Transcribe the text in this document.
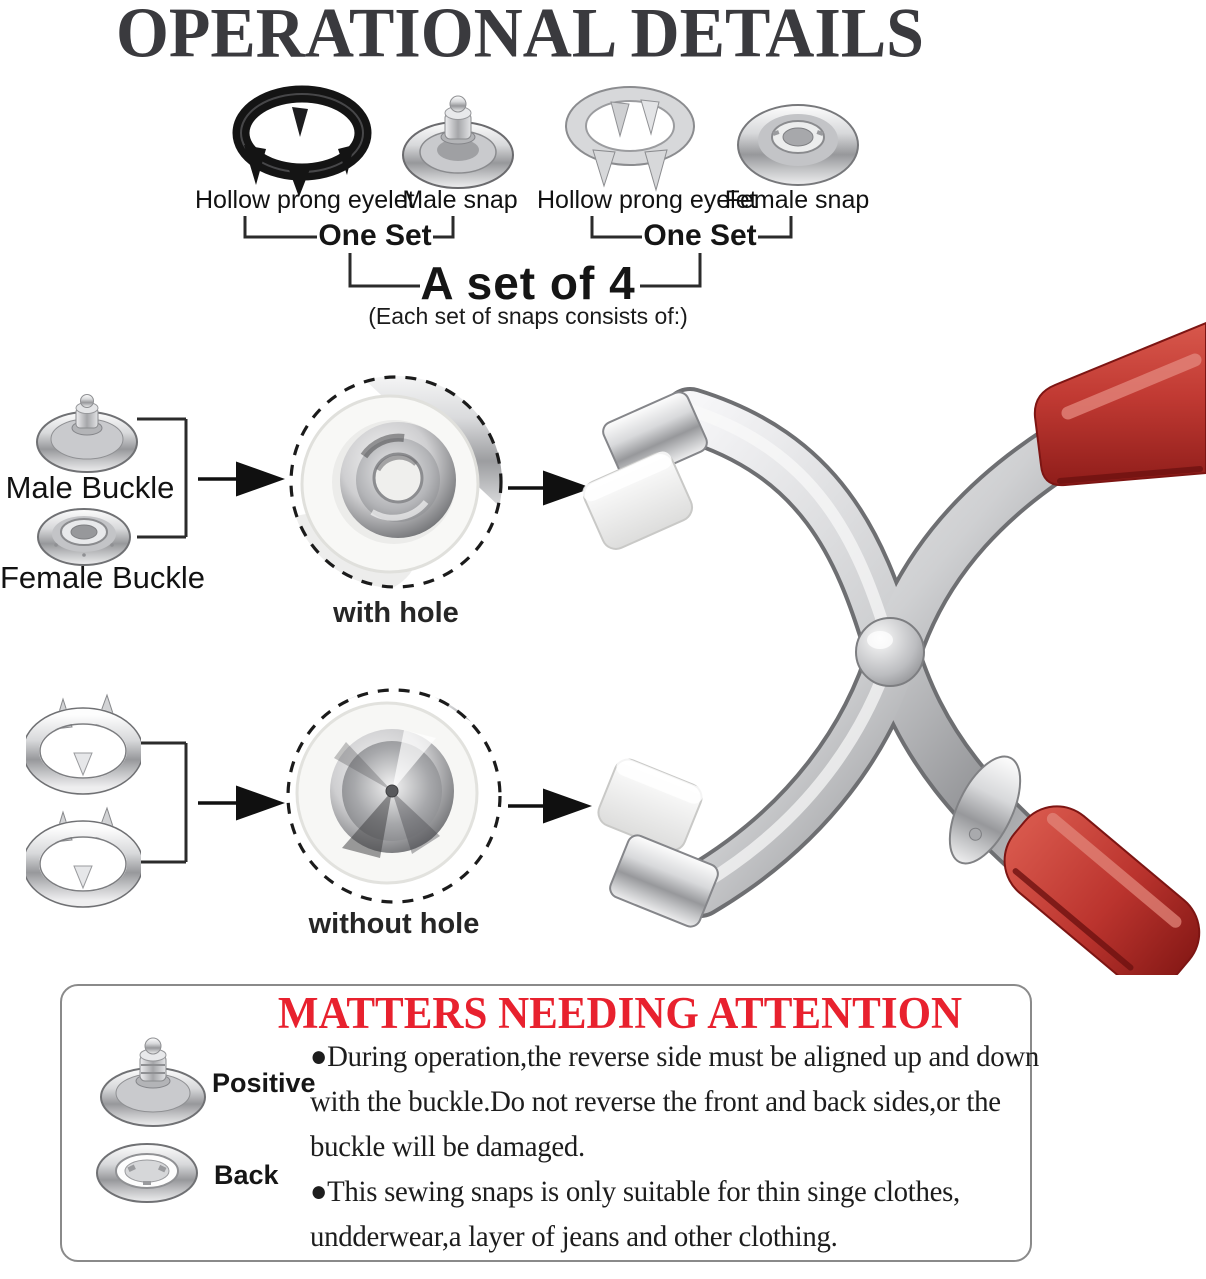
OPERATIONAL DETAILS
Hollow prong eyelet
Male snap Hollow prong eyelet
Female snap
One Set	One Set
A set of 4
(Each set of snaps consists of:)
Male Buckle
Female Buckle
with hole
without hole
MATTERS NEEDING ATTENTION
Positive
Back
●During operation,the reverse side must be aligned up and down
with the buckle.Do not reverse the front and back sides,or the
buckle will be damaged.
●This sewing snaps is only suitable for thin singe clothes,
undderwear,a layer of jeans and other clothing.
